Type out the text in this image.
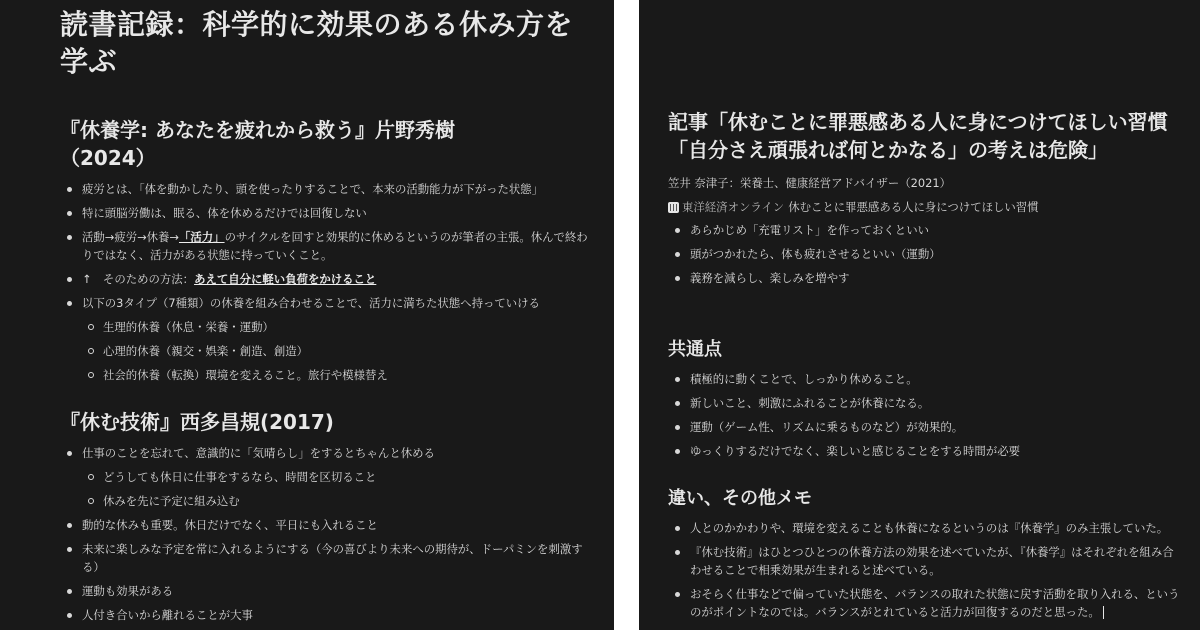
読書記録：科学的に効果のある休み方を学ぶ
『休養学: あなたを疲れから救う』片野秀樹（2024）
疲労とは、「体を動かしたり、頭を使ったりすることで、本来の活動能力が下がった状態」
特に頭脳労働は、眠る、体を休めるだけでは回復しない
活動→疲労→休養→「活力」のサイクルを回すと効果的に休めるというのが筆者の主張。休んで終わりではなく、活力がある状態に持っていくこと。
↑　そのための方法：あえて自分に軽い負荷をかけること
以下の3タイプ（7種類）の休養を組み合わせることで、活力に満ちた状態へ持っていける
生理的休養（休息・栄養・運動）
心理的休養（親交・娯楽・創造、創造）
社会的休養（転換）環境を変えること。旅行や模様替え
『休む技術』西多昌規(2017)
仕事のことを忘れて、意識的に「気晴らし」をするとちゃんと休める
どうしても休日に仕事をするなら、時間を区切ること
休みを先に予定に組み込む
動的な休みも重要。休日だけでなく、平日にも入れること
未来に楽しみな予定を常に入れるようにする（今の喜びより未来への期待が、ドーパミンを刺激する）
運動も効果がある
人付き合いから離れることが大事
記事「休むことに罪悪感ある人に身につけてほしい習慣「自分さえ頑張れば何とかなる」の考えは危険」
笠井 奈津子：栄養士、健康経営アドバイザー（2021）
東洋経済オンライン 休むことに罪悪感ある人に身につけてほしい習慣
あらかじめ「充電リスト」を作っておくといい
頭がつかれたら、体も疲れさせるといい（運動）
義務を減らし、楽しみを増やす
共通点
積極的に動くことで、しっかり休めること。
新しいこと、刺激にふれることが休養になる。
運動（ゲーム性、リズムに乗るものなど）が効果的。
ゆっくりするだけでなく、楽しいと感じることをする時間が必要
違い、その他メモ
人とのかかわりや、環境を変えることも休養になるというのは『休養学』のみ主張していた。
『休む技術』はひとつひとつの休養方法の効果を述べていたが、『休養学』はそれぞれを組み合わせることで相乗効果が生まれると述べている。
おそらく仕事などで偏っていた状態を、バランスの取れた状態に戻す活動を取り入れる、というのがポイントなのでは。バランスがとれていると活力が回復するのだと思った。
